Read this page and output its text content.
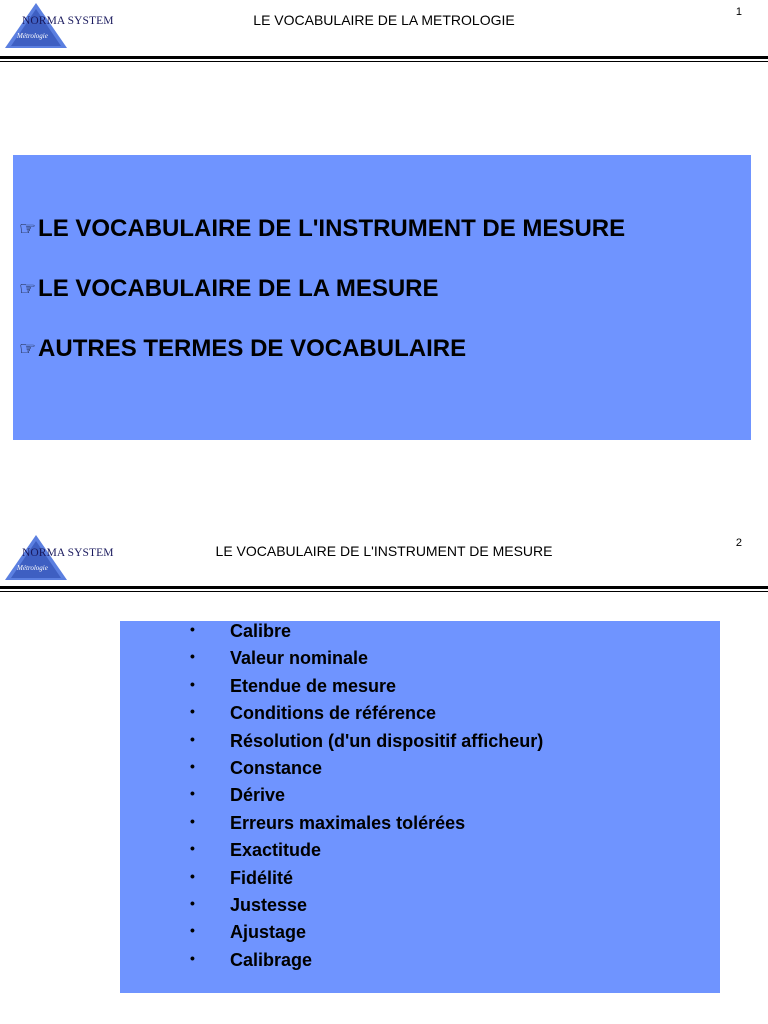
NORMA SYSTEM
Métrologie
LE VOCABULAIRE DE LA METROLOGIE	1
☞ LE VOCABULAIRE DE L'INSTRUMENT DE MESURE
☞ LE VOCABULAIRE DE LA MESURE
☞ AUTRES TERMES DE VOCABULAIRE
NORMA SYSTEM
Métrologie
LE VOCABULAIRE DE L'INSTRUMENT DE MESURE	2
• Calibre
• Valeur nominale
• Etendue de mesure
• Conditions de référence
• Résolution (d'un dispositif afficheur)
• Constance
• Dérive
• Erreurs maximales tolérées
• Exactitude
• Fidélité
• Justesse
• Ajustage
• Calibrage
